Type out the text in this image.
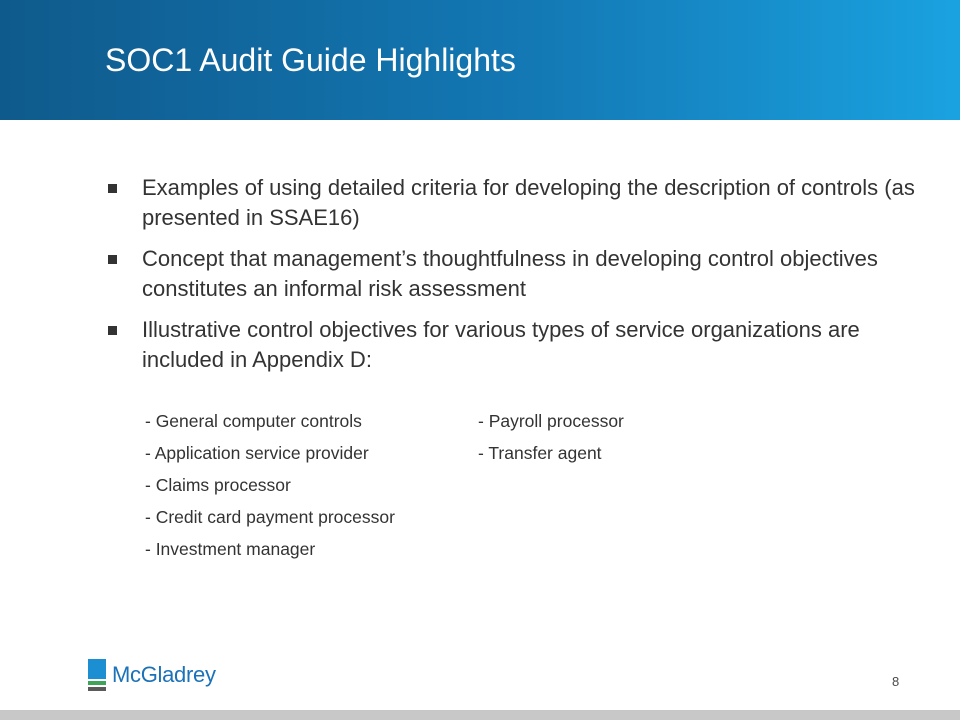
SOC1 Audit Guide Highlights
Examples of using detailed criteria for developing the description of controls (as presented in SSAE16)
Concept that management’s thoughtfulness in developing control objectives constitutes an informal risk assessment
Illustrative control objectives for various types of service organizations are included in Appendix D:
- General computer controls
- Application service provider
- Claims processor
- Credit card payment processor
- Investment manager
- Payroll processor
- Transfer agent
McGladrey	8
